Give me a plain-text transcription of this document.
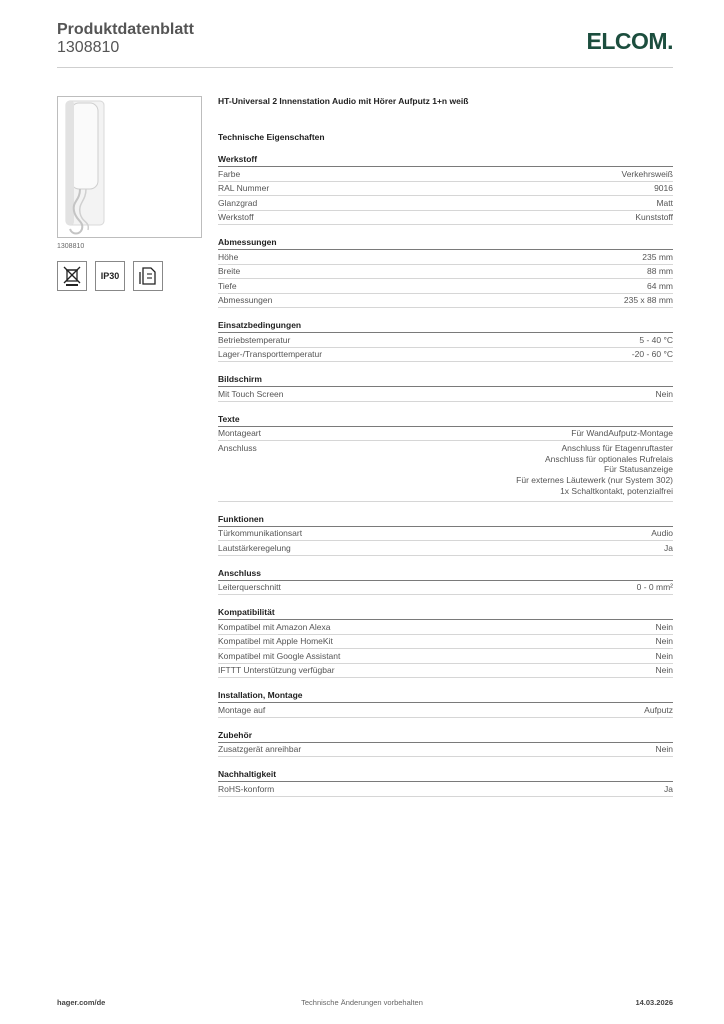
Produktdatenblatt
1308810	ELCOM.
1308810
IP30
HT-Universal 2 Innenstation Audio mit Hörer Aufputz 1+n weiß
Technische Eigenschaften
Werkstoff
Farbe	Verkehrsweiß
RAL Nummer	9016
Glanzgrad	Matt
Werkstoff	Kunststoff
Abmessungen
Höhe	235 mm
Breite	88 mm
Tiefe	64 mm
Abmessungen	235 x 88 mm
Einsatzbedingungen
Betriebstemperatur	5 - 40 °C
Lager-/Transporttemperatur	-20 - 60 °C
Bildschirm
Mit Touch Screen	Nein
Texte
Montageart	Für WandAufputz-Montage
Anschluss	Anschluss für Etagenruftaster
Anschluss für optionales Rufrelais
Für Statusanzeige
Für externes Läutewerk (nur System 302)
1x Schaltkontakt, potenzialfrei
Funktionen
Türkommunikationsart	Audio
Lautstärkeregelung	Ja
Anschluss
Leiterquerschnitt	0 - 0 mm²
Kompatibilität
Kompatibel mit Amazon Alexa	Nein
Kompatibel mit Apple HomeKit	Nein
Kompatibel mit Google Assistant	Nein
IFTTT Unterstützung verfügbar	Nein
Installation, Montage
Montage auf	Aufputz
Zubehör
Zusatzgerät anreihbar	Nein
Nachhaltigkeit
RoHS-konform	Ja
hager.com/de	Technische Änderungen vorbehalten	14.03.2026
